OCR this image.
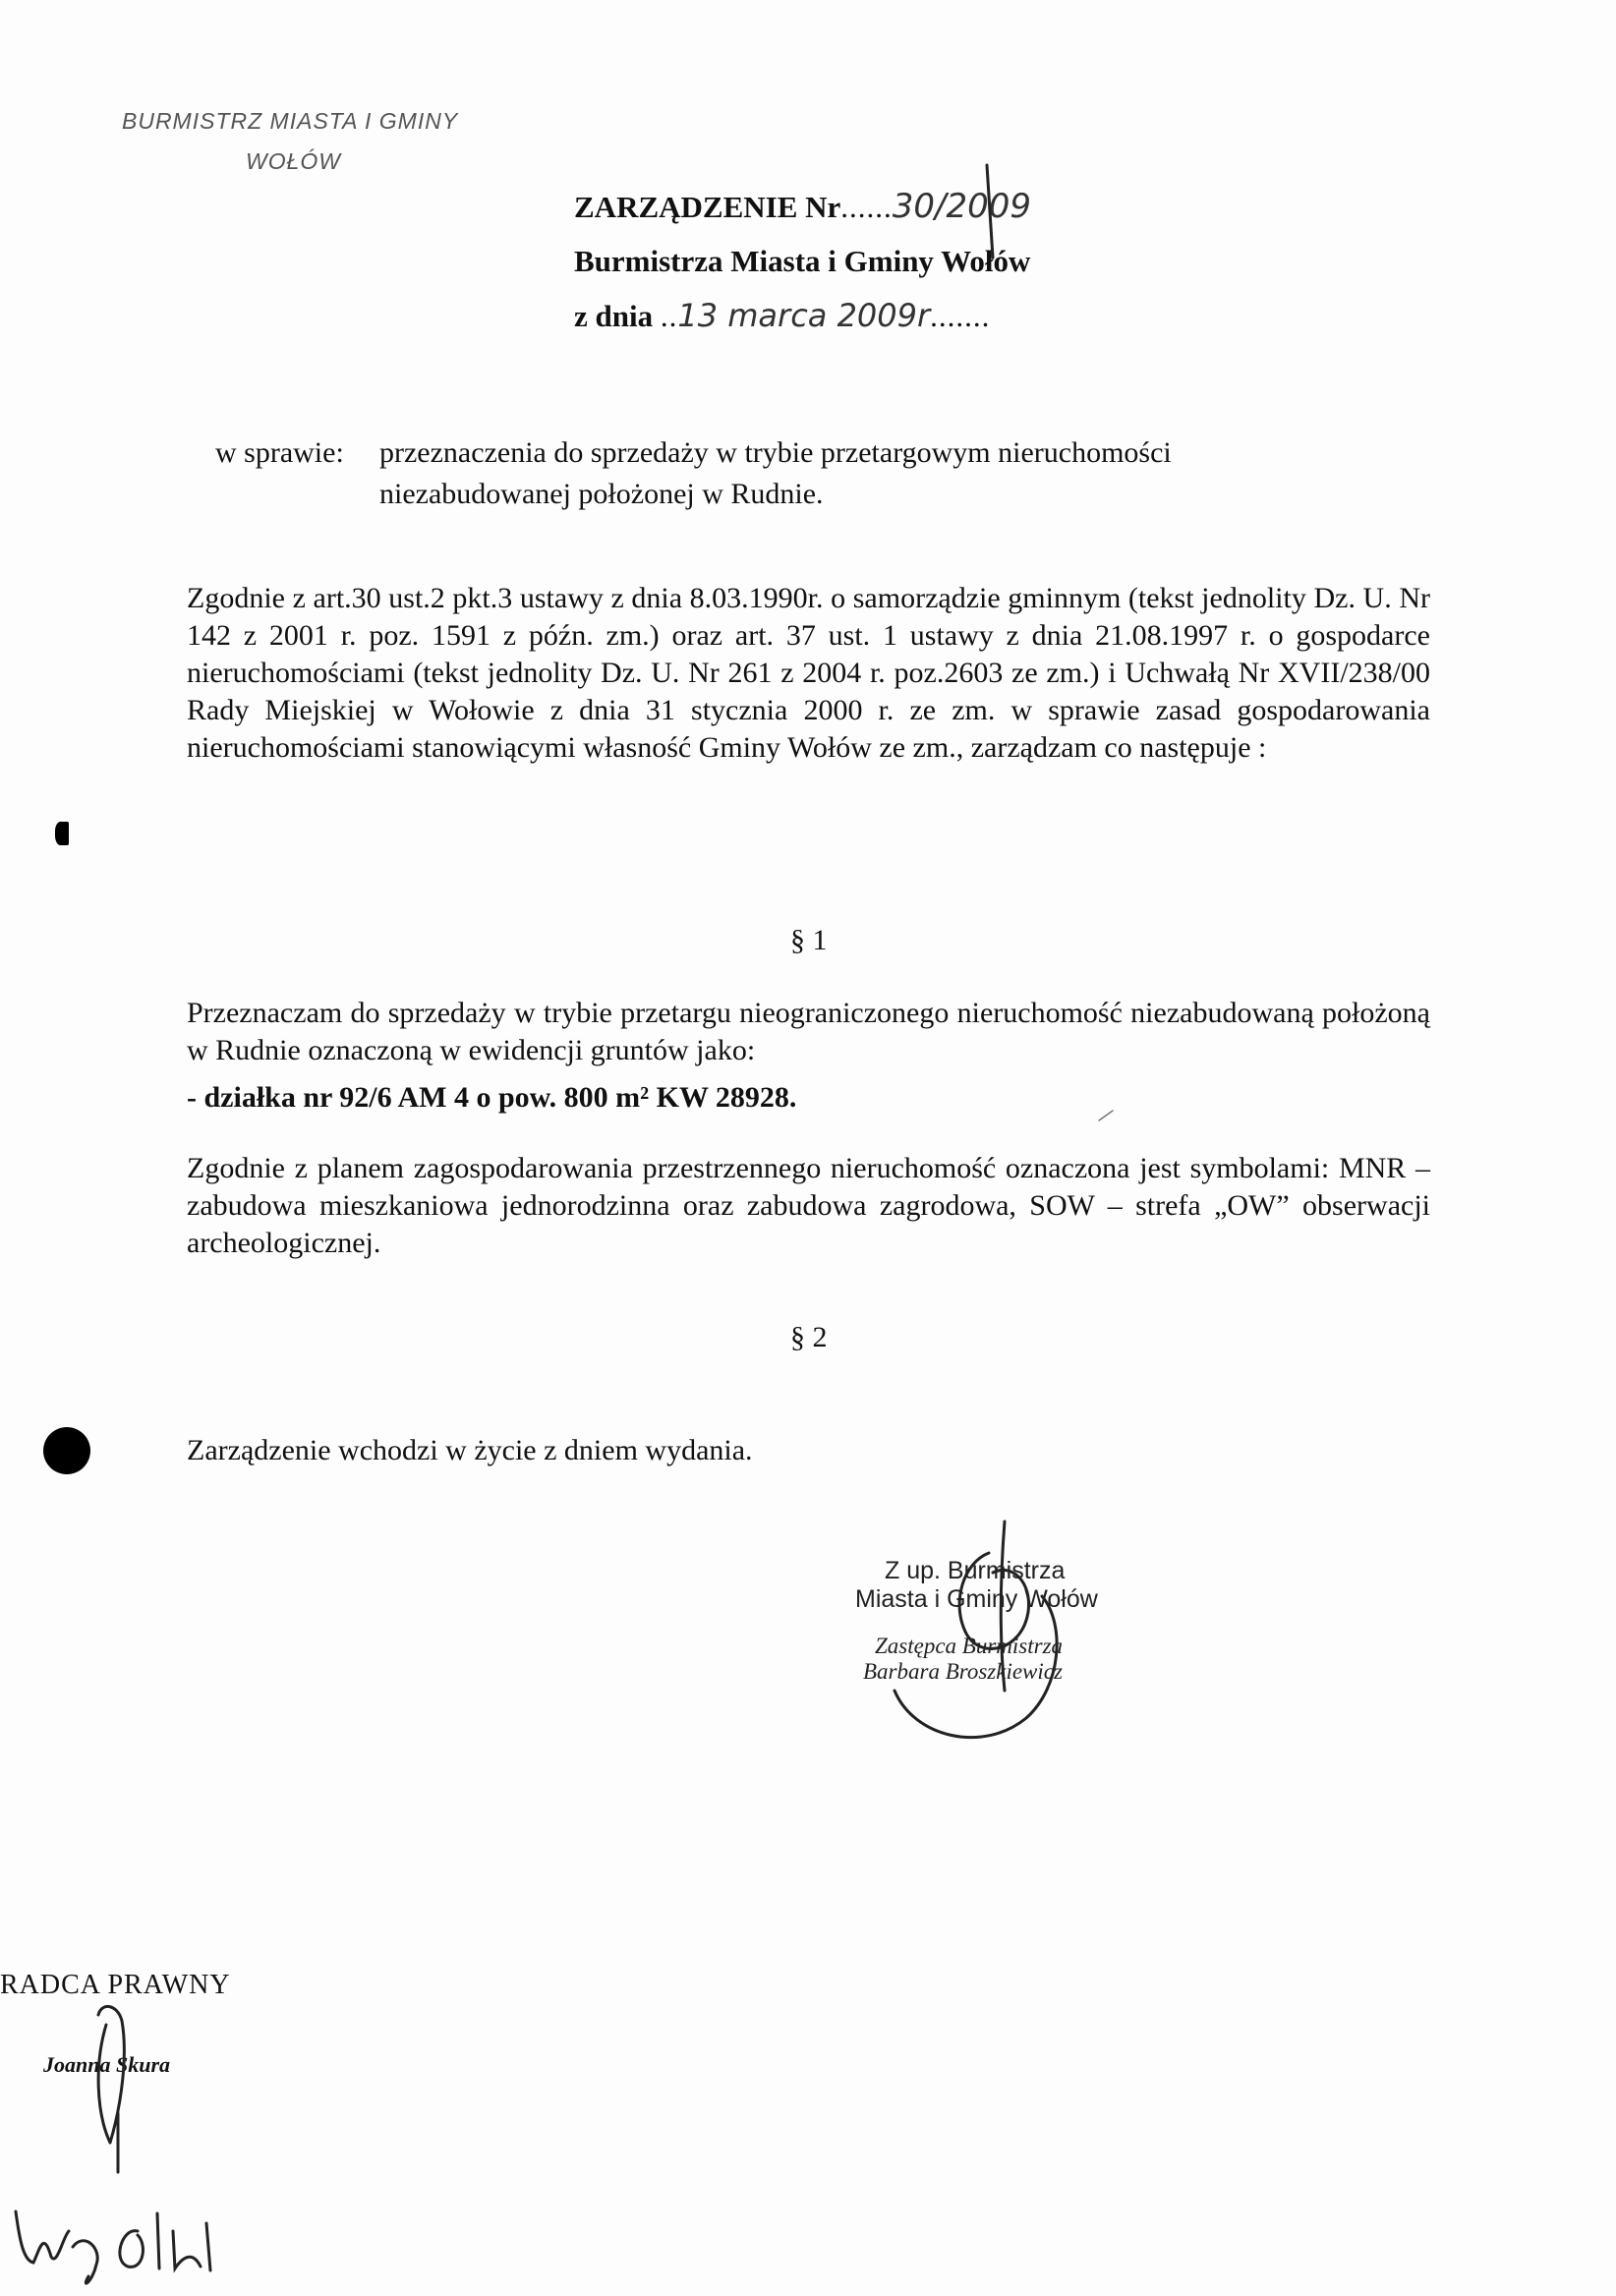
BURMISTRZ MIASTA I GMINY
WOŁÓW
ZARZĄDZENIE Nr......30/2009
Burmistrza Miasta i Gminy Wołów
z dnia ..13 marca 2009r.......
w sprawie: przeznaczenia do sprzedaży w trybie przetargowym nieruchomości niezabudowanej położonej w Rudnie.
Zgodnie z art.30 ust.2 pkt.3 ustawy z dnia 8.03.1990r. o samorządzie gminnym (tekst jednolity Dz. U. Nr 142 z 2001 r. poz. 1591 z późn. zm.) oraz art. 37 ust. 1 ustawy z dnia 21.08.1997 r. o gospodarce nieruchomościami (tekst jednolity Dz. U. Nr 261 z 2004 r. poz.2603 ze zm.) i Uchwałą Nr XVII/238/00 Rady Miejskiej w Wołowie z dnia 31 stycznia 2000 r. ze zm. w sprawie zasad gospodarowania nieruchomościami stanowiącymi własność Gminy Wołów ze zm., zarządzam co następuje :
§ 1
Przeznaczam do sprzedaży w trybie przetargu nieograniczonego nieruchomość niezabudowaną położoną w Rudnie oznaczoną w ewidencji gruntów jako:
- działka nr 92/6 AM 4 o pow. 800 m² KW 28928.
Zgodnie z planem zagospodarowania przestrzennego nieruchomość oznaczona jest symbolami: MNR – zabudowa mieszkaniowa jednorodzinna oraz zabudowa zagrodowa, SOW – strefa „OW” obserwacji archeologicznej.
§ 2
Zarządzenie wchodzi w życie z dniem wydania.
Z up. Burmistrza
Miasta i Gminy Wołów
Zastępca Burmistrza
Barbara Broszkiewicz
RADCA PRAWNY
Joanna Skura
